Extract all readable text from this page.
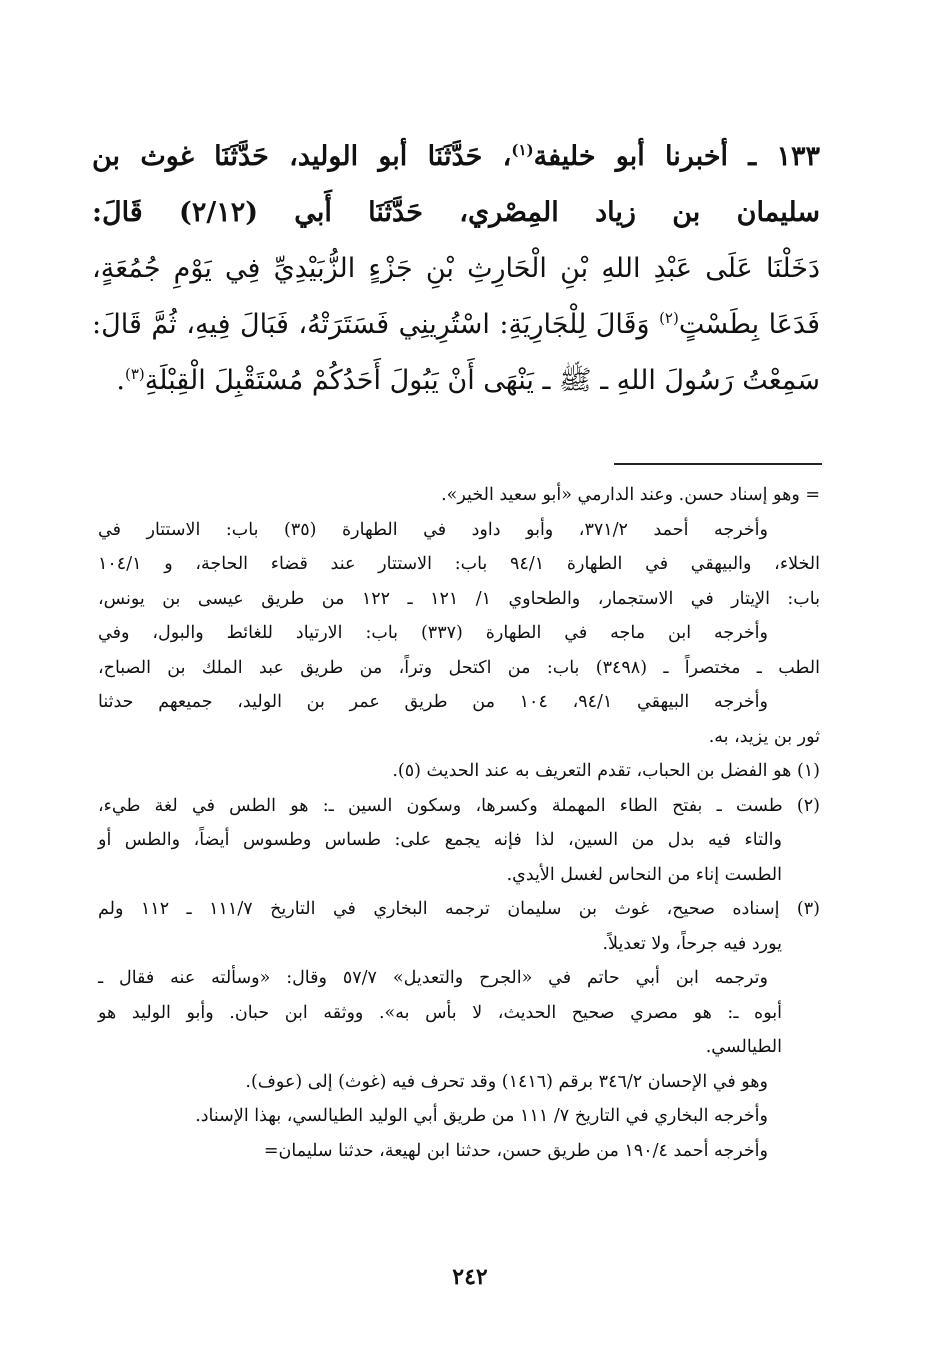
١٣٣ ـ أخبرنا أبو خليفة$^{(١)}$، حَدَّثَنَا أبو الوليد، حَدَّثَنَا غوث بن
سليمان بن زياد المِصْري، حَدَّثَنَا أَبي (٢/١٢) قَالَ:
دَخَلْنَا عَلَى عَبْدِ اللهِ بْنِ الْحَارِثِ بْنِ جَزْءٍ الزُّبَيْدِيِّ فِي يَوْمِ جُمُعَةٍ،
فَدَعَا بِطَسْتٍ$^{(٢)}$ وَقَالَ لِلْجَارِيَةِ: اسْتُرِينِي فَسَتَرَتْهُ، فَبَالَ فِيهِ، ثُمَّ قَالَ:
سَمِعْتُ رَسُولَ اللهِ ـ ﷺ ـ يَنْهَى أَنْ يَبُولَ أَحَدُكُمْ مُسْتَقْبِلَ الْقِبْلَةِ$^{(٣)}$.
= وهو إسناد حسن. وعند الدارمي «أبو سعيد الخير».
وأخرجه أحمد ٣٧١/٢، وأبو داود في الطهارة (٣٥) باب: الاستتار في
الخلاء، والبيهقي في الطهارة ٩٤/١ باب: الاستتار عند قضاء الحاجة، و ١٠٤/١
باب: الإيتار في الاستجمار، والطحاوي ١/ ١٢١ ـ ١٢٢ من طريق عيسى بن يونس،
وأخرجه ابن ماجه في الطهارة (٣٣٧) باب: الارتياد للغائط والبول، وفي
الطب ـ مختصراً ـ (٣٤٩٨) باب: من اكتحل وتراً، من طريق عبد الملك بن الصباح،
وأخرجه البيهقي ٩٤/١، ١٠٤ من طريق عمر بن الوليد، جميعهم حدثنا
ثور بن يزيد، به.
(١) هو الفضل بن الحباب، تقدم التعريف به عند الحديث (٥).
(٢) طست ـ بفتح الطاء المهملة وكسرها، وسكون السين ـ: هو الطس في لغة طيء،
والتاء فيه بدل من السين، لذا فإنه يجمع على: طساس وطسوس أيضاً، والطس أو
الطست إناء من النحاس لغسل الأيدي.
(٣) إسناده صحيح، غوث بن سليمان ترجمه البخاري في التاريخ ١١١/٧ ـ ١١٢ ولم
يورد فيه جرحاً، ولا تعديلاً.
وترجمه ابن أبي حاتم في «الجرح والتعديل» ٥٧/٧ وقال: «وسألته عنه فقال ـ
أبوه ـ: هو مصري صحيح الحديث، لا بأس به». ووثقه ابن حبان. وأبو الوليد هو
الطيالسي.
وهو في الإحسان ٣٤٦/٢ برقم (١٤١٦) وقد تحرف فيه (غوث) إلى (عوف).
وأخرجه البخاري في التاريخ ٧/ ١١١ من طريق أبي الوليد الطيالسي، بهذا الإسناد.
وأخرجه أحمد ١٩٠/٤ من طريق حسن، حدثنا ابن لهيعة، حدثنا سليمان=
٢٤٢
